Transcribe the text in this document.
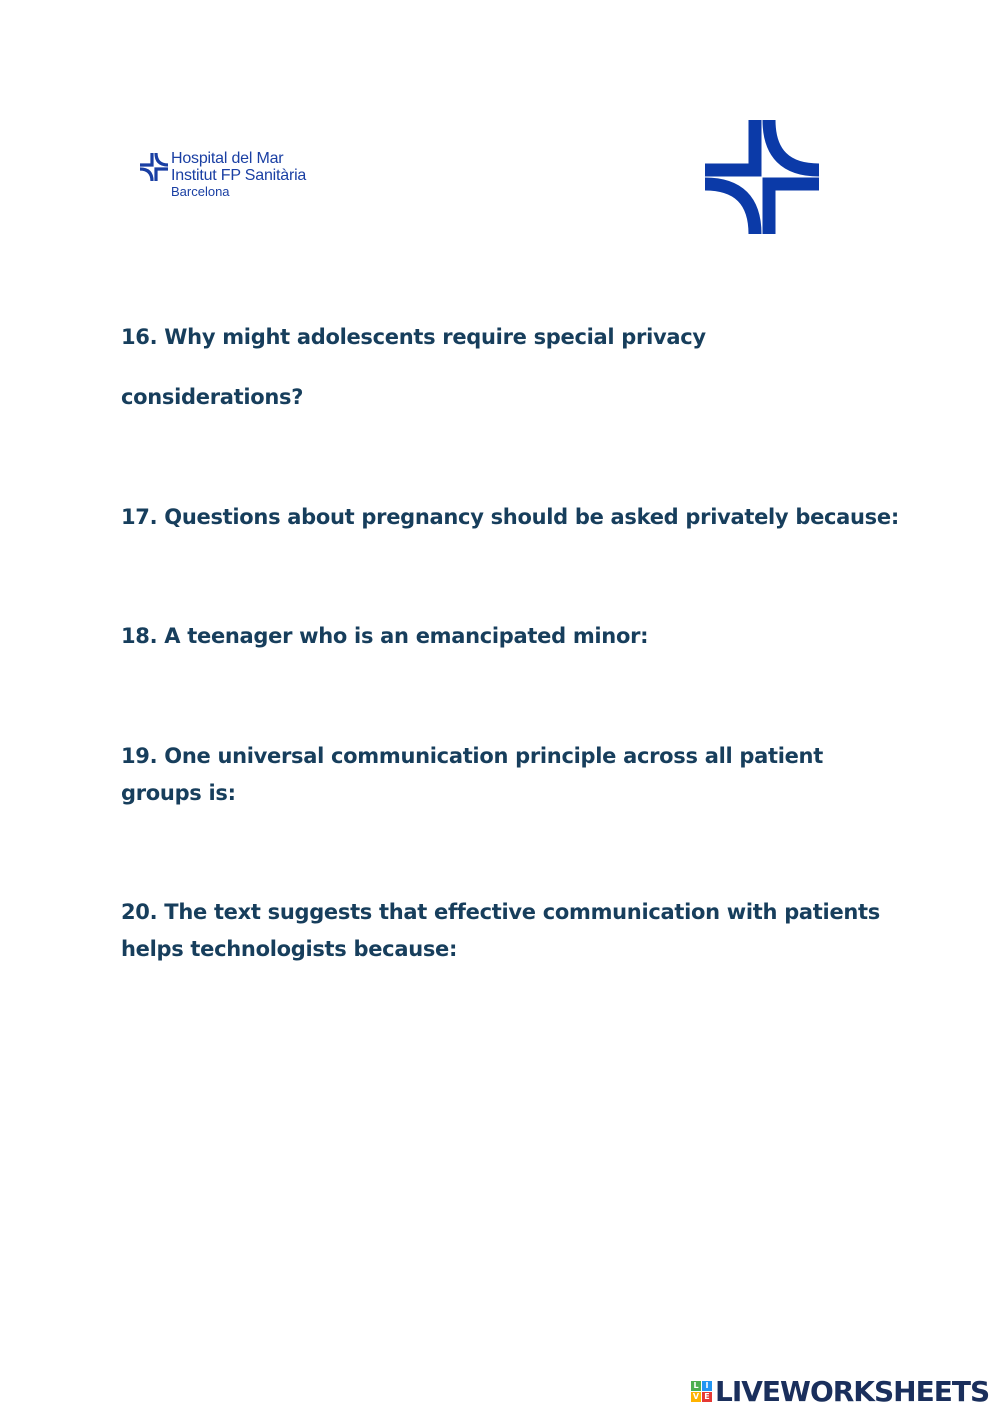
Hospital del Mar
Institut FP Sanitària
Barcelona

16. Why might adolescents require special privacy

considerations?

17. Questions about pregnancy should be asked privately because:

18. A teenager who is an emancipated minor:

19. One universal communication principle across all patient groups is:

20. The text suggests that effective communication with patients helps technologists because:

L I
V E LIVEWORKSHEETS
